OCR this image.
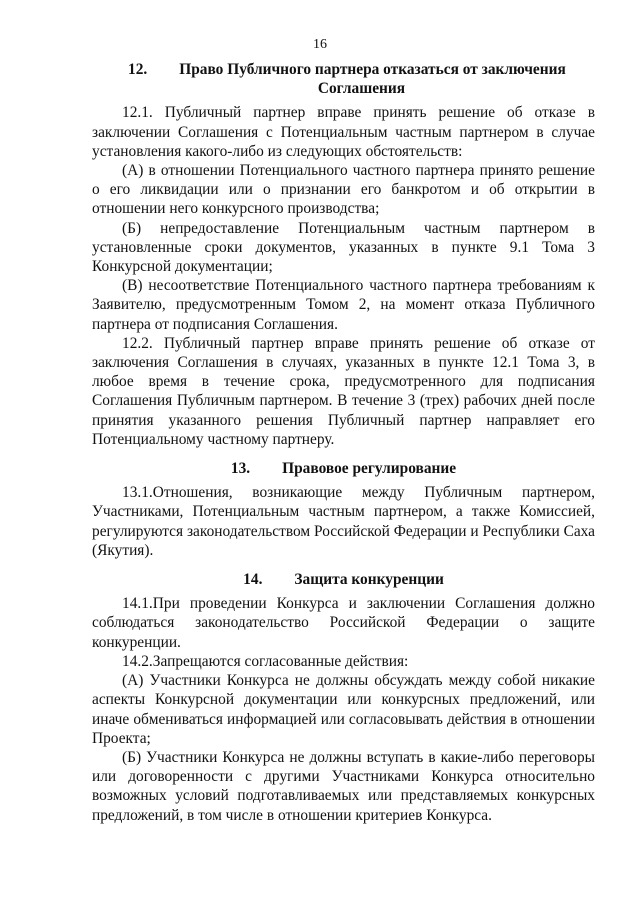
16
12. Право Публичного партнера отказаться от заключения
Соглашения

12.1. Публичный партнер вправе принять решение об отказе в заключении Соглашения с Потенциальным частным партнером в случае установления какого-либо из следующих обстоятельств:

(А) в отношении Потенциального частного партнера принято решение о его ликвидации или о признании его банкротом и об открытии в отношении него конкурсного производства;

(Б) непредоставление Потенциальным частным партнером в установленные сроки документов, указанных в пункте 9.1 Тома 3 Конкурсной документации;

(В) несоответствие Потенциального частного партнера требованиям к Заявителю, предусмотренным Томом 2, на момент отказа Публичного партнера от подписания Соглашения.

12.2. Публичный партнер вправе принять решение об отказе от заключения Соглашения в случаях, указанных в пункте 12.1 Тома 3, в любое время в течение срока, предусмотренного для подписания Соглашения Публичным партнером. В течение 3 (трех) рабочих дней после принятия указанного решения Публичный партнер направляет его Потенциальному частному партнеру.

13. Правовое регулирование

13.1.Отношения, возникающие между Публичным партнером, Участниками, Потенциальным частным партнером, а также Комиссией, регулируются законодательством Российской Федерации и Республики Саха (Якутия).

14. Защита конкуренции

14.1.При проведении Конкурса и заключении Соглашения должно соблюдаться законодательство Российской Федерации о защите конкуренции.

14.2.Запрещаются согласованные действия:

(А) Участники Конкурса не должны обсуждать между собой никакие аспекты Конкурсной документации или конкурсных предложений, или иначе обмениваться информацией или согласовывать действия в отношении Проекта;

(Б) Участники Конкурса не должны вступать в какие-либо переговоры или договоренности с другими Участниками Конкурса относительно возможных условий подготавливаемых или представляемых конкурсных предложений, в том числе в отношении критериев Конкурса.
